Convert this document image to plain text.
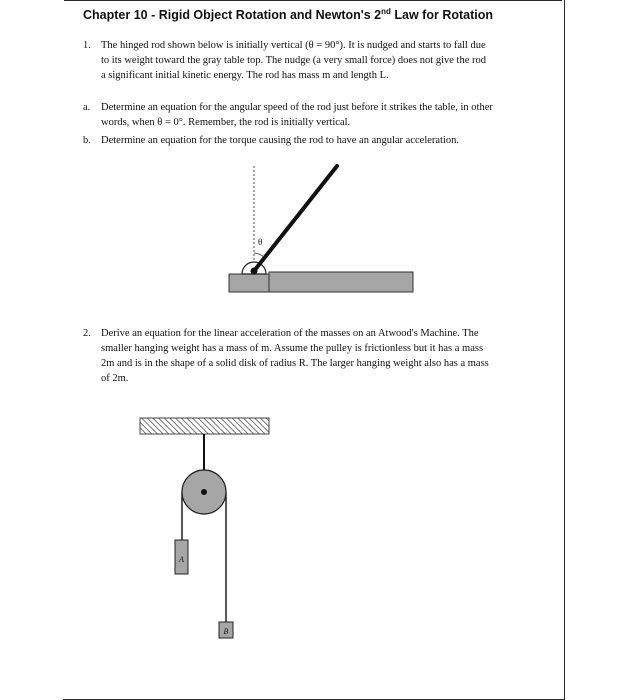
Chapter 10 - Rigid Object Rotation and Newton's 2nd Law for Rotation
1. The hinged rod shown below is initially vertical (θ = 90°). It is nudged and starts to fall due
to its weight toward the gray table top. The nudge (a very small force) does not give the rod
a significant initial kinetic energy. The rod has mass m and length L.
a. Determine an equation for the angular speed of the rod just before it strikes the table, in other
words, when θ = 0°. Remember, the rod is initially vertical.
b. Determine an equation for the torque causing the rod to have an angular acceleration.
2. Derive an equation for the linear acceleration of the masses on an Atwood's Machine. The
smaller hanging weight has a mass of m. Assume the pulley is frictionless but it has a mass
2m and is in the shape of a solid disk of radius R. The larger hanging weight also has a mass
of 2m.
θ
A
B
